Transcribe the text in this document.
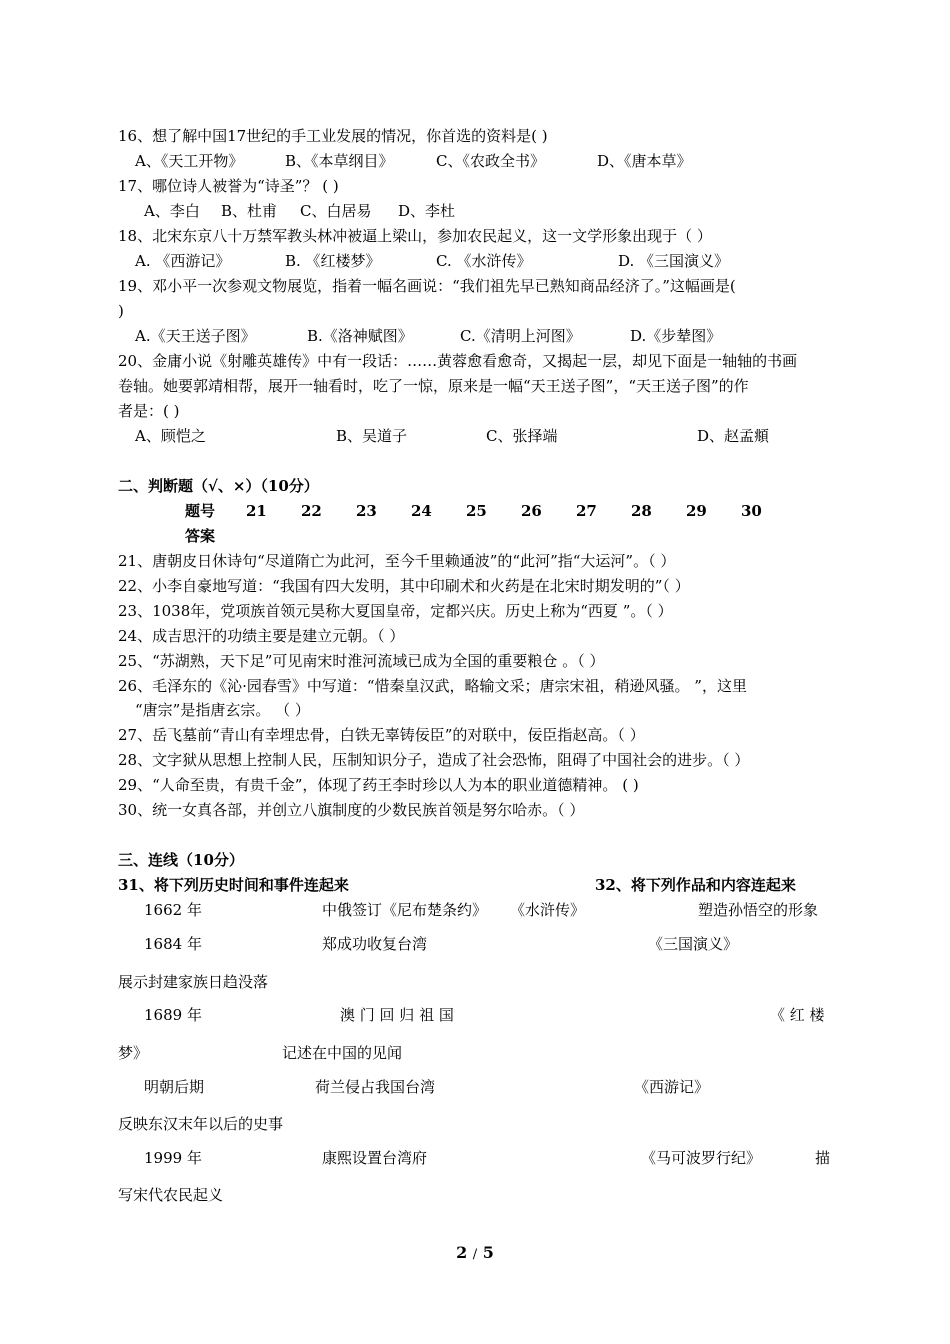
16、想了解中国17世纪的手工业发展的情况，你首选的资料是( )
A、《天工开物》	B、《本草纲目》	C、《农政全书》	D、《唐本草》
17、哪位诗人被誉为“诗圣”？ ( )
A、李白 B、杜甫 C、白居易 D、李杜
18、北宋东京八十万禁军教头林冲被逼上梁山，参加农民起义，这一文学形象出现于（ ）
A. 《西游记》	B. 《红楼梦》	C. 《水浒传》	D. 《三国演义》
19、邓小平一次参观文物展览，指着一幅名画说：“我们祖先早已熟知商品经济了。”这幅画是(
)
A.《天王送子图》	B.《洛神赋图》	C.《清明上河图》	D.《步辇图》
20、金庸小说《射雕英雄传》中有一段话：……黄蓉愈看愈奇，又揭起一层，却见下面是一轴轴的书画
卷轴。她要郭靖相帮，展开一轴看时，吃了一惊，原来是一幅“天王送子图”，“天王送子图”的作
者是：( )
A、顾恺之	B、吴道子	C、张择端	D、赵孟頫
二、判断题（√、×）（10分）
题号 21 22 23 24 25 26 27 28 29 30
答案
21、唐朝皮日休诗句“尽道隋亡为此河，至今千里赖通波”的“此河”指“大运河”。（ ）
22、小李自豪地写道：“我国有四大发明，其中印刷术和火药是在北宋时期发明的”（ ）
23、1038年，党项族首领元昊称大夏国皇帝，定都兴庆。历史上称为“西夏 ”。（ ）
24、成吉思汗的功绩主要是建立元朝。（ ）
25、“苏湖熟，天下足”可见南宋时淮河流域已成为全国的重要粮仓 。（ ）
26、毛泽东的《沁·园春雪》中写道：“惜秦皇汉武，略输文采；唐宗宋祖，稍逊风骚。 ”，这里
“唐宗”是指唐玄宗。 （ ）
27、岳飞墓前“青山有幸埋忠骨，白铁无辜铸佞臣”的对联中，佞臣指赵高。（ ）
28、文字狱从思想上控制人民，压制知识分子，造成了社会恐怖，阻碍了中国社会的进步。（ ）
29、“人命至贵，有贵千金”，体现了药王李时珍以人为本的职业道德精神。 ( )
30、统一女真各部，并创立八旗制度的少数民族首领是努尔哈赤。（ ）
三、连线（10分）
31、将下列历史时间和事件连起来	32、将下列作品和内容连起来
1662 年	中俄签订《尼布楚条约》 《水浒传》	塑造孙悟空的形象
1684 年	郑成功收复台湾	《三国演义》
展示封建家族日趋没落
1689 年	澳 门 回 归 祖 国	《 红 楼
梦》	记述在中国的见闻
明朝后期	荷兰侵占我国台湾	《西游记》
反映东汉末年以后的史事
1999 年	康熙设置台湾府	《马可波罗行纪》	描
写宋代农民起义
2 / 5
